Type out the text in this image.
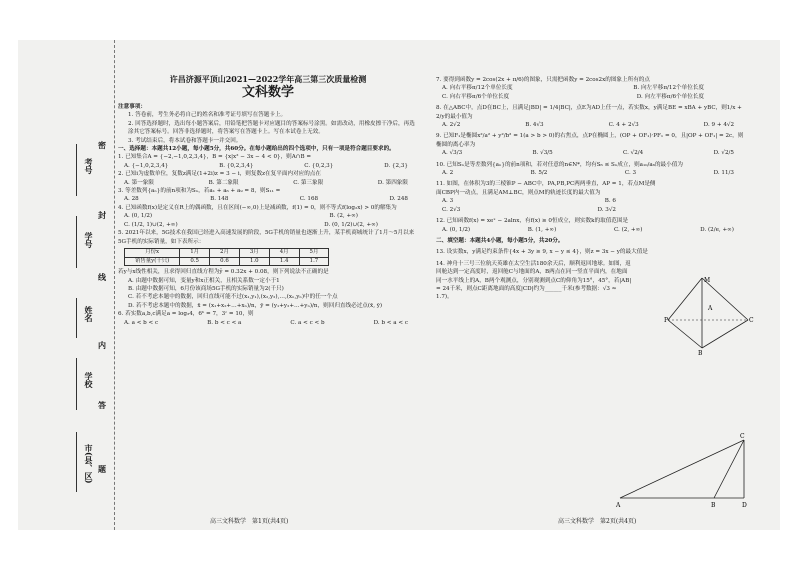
考号
学号
姓名
学校
市(县、区)
密
封
线
内
答
题
许昌济源平顶山2021—2022学年高三第三次质量检测
文科数学
注意事项：
1. 答卷前，考生务必将自己的姓名和准考证号填写在答题卡上。
2. 回答选择题时，选出每小题答案后，用铅笔把答题卡对应题目的答案标号涂黑。如需改动，用橡皮擦干净后，再选涂其它答案标号。回答非选择题时，将答案写在答题卡上。写在本试卷上无效。
3. 考试结束后，将本试卷和答题卡一并交回。
一、选择题：本题共12小题，每小题5分，共60分。在每小题给出的四个选项中，只有一项是符合题目要求的。
1. 已知集合A = {−2,−1,0,2,3,4}，B = {x|x² − 3x − 4 < 0}，则A∩B =
A. {−1,0,2,3,4}	B. {0,2,3,4}	C. {0,2,3}	D. {2,3}
2. 已知i为虚数单位，复数z满足(1+2i)z = 3 − i，则复数z在复平面内对应的点在
A. 第一象限	B. 第二象限	C. 第三象限	D. 第四象限
3. 等差数列{aₙ}的前n项和为Sₙ，若a₁ + a₆ + a₉ = 8，则S₁₁ =
A. 28	B. 148	C. 168	D. 248
4. 已知函数f(x)是定义在R上的偶函数，且在区间(−∞,0)上是减函数，f(1) = 0，则不等式f(log₂x) > 0的解集为
A. (0, 1/2)	B. (2, +∞)
C. (1/2, 1)∪(2, +∞)	D. (0, 1/2)∪(2, +∞)
5. 2021年以来，5G技术在我国已经进入高速发展的阶段，5G手机的销量也逐渐上升，某手机商城统计了1月～5月以来5G手机的实际销量，如下表所示：
月份x	1月	2月	3月	4月	5月
销售量y(千只)	0.5	0.6	1.0	1.4	1.7
若y与x线性相关，且求得回归直线方程为ŷ = 0.32x + 0.08，则下列说法不正确的是
A. 由题中数据可知，变量y和x正相关，且相关系数一定小于1
B. 由题中数据可知，6月份该商场5G手机的实际销量为2(千只)
C. 若不考虑本题中的数据，回归直线可能不过(x₁,y₁),(x₂,y₂),…,(xₙ,yₙ)中的任一个点
D. 若不考虑本题中的数据，x̄ = (x₁+x₂+…+xₙ)/n，ȳ = (y₁+y₂+…+yₙ)/n，则回归直线必过点(x̄, ȳ)
6. 若实数a,b,c满足a = log₃4，6ᵇ = 7，3ᶜ = 10，则
A. a < b < c	B. b < c < a	C. a < c < b	D. b < a < c
高三文科数学　第1页(共4页)
7. 要得到函数y = 2cos(2x + π/6)的图象，只需把函数y = 2cos2x的图象上所有的点
A. 向右平移π/12个单位长度	B. 向左平移π/12个单位长度
C. 向右平移π/6个单位长度	D. 向左平移π/6个单位长度
8. 在△ABC中，点D在BC上，且满足|BD| = 1/4|BC|，点E为AD上任一点，若实数x，y满足BE = xBA + yBC，则1/x + 2/y的最小值为
A. 2√2	B. 4√3	C. 4 + 2√3	D. 9 + 4√2
9. 已知F₁是椭圆x²/a² + y²/b² = 1(a > b > 0)的右焦点，点P在椭圆上，(OP + OF₁)·PF₁ = 0，且|OP + OF₁| = 2c，则椭圆的离心率为
A. √3/3	B. √3/5	C. √2/4	D. √2/5
10. 已知Sₙ是等差数列{aₙ}的前n项和，若对任意的n∈N*，均有S₆ ≤ Sₙ成立，则a₁₀/a₆的最小值为
A. 2	B. 5/2	C. 3	D. 11/3
11. 如图，在体积为3的三棱锥P − ABC中，PA,PB,PC两两垂直，AP = 1，若点M是侧面CBP内一动点，且满足AM⊥BC，则点M的轨迹长度的最大值为
A. 3	B. 6
C. 2√3	D. 3√2
12. 已知函数f(x) = xeˣ − 2alnx，有f(x) ≥ 0恒成立，则实数k的取值范围是
A. (0, 1/2)	B. (1, +∞)	C. (2, +∞)	D. (2/e, +∞)
二、填空题：本题共4小题，每小题5分，共20分。
13. 设实数x，y满足约束条件{4x + 3y ≥ 9, x − y ≤ 4}，则z = 3x − y的最大值是
14. 神舟十三号三位航天英雄在太空生活180余天后，顺利返回地球。如图，返回舱达到一定高度时，返回舱C与地面的A，B两点在同一竖直平面内，在地面同一水平线上的A，B两个观测点，分别观测到点C的仰角为15°，45°，若|AB| = 24千米，则点C距离地面的高度|CD|约为______千米(参考数据：√3 ≈ 1.7)。
M
P
B
C
A
C
A	B	D
高三文科数学　第2页(共4页)
